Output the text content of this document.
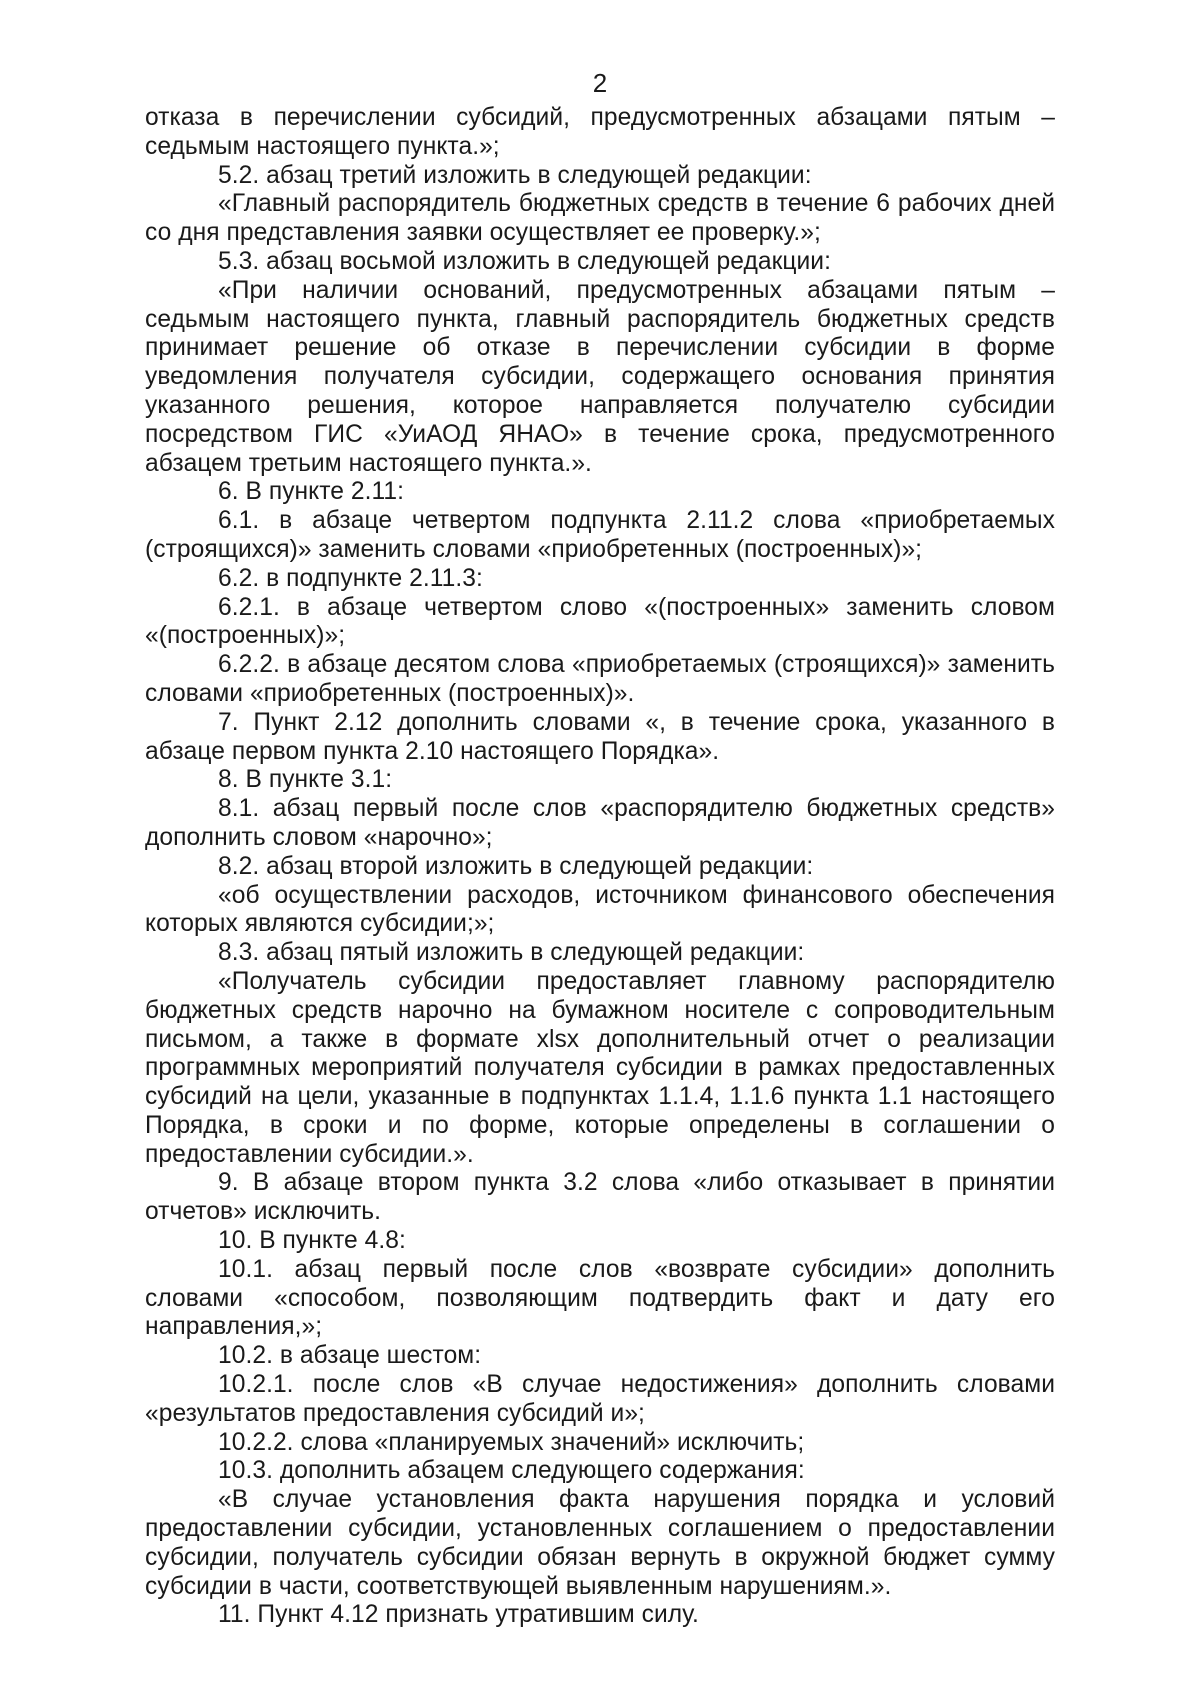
2

отказа в перечислении субсидий, предусмотренных абзацами пятым – седьмым настоящего пункта.»;

5.2. абзац третий изложить в следующей редакции:

«Главный распорядитель бюджетных средств в течение 6 рабочих дней со дня представления заявки осуществляет ее проверку.»;

5.3. абзац восьмой изложить в следующей редакции:

«При наличии оснований, предусмотренных абзацами пятым – седьмым настоящего пункта, главный распорядитель бюджетных средств принимает решение об отказе в перечислении субсидии в форме уведомления получателя субсидии, содержащего основания принятия указанного решения, которое направляется получателю субсидии посредством ГИС «УиАОД ЯНАО» в течение срока, предусмотренного абзацем третьим настоящего пункта.».

6. В пункте 2.11:

6.1. в абзаце четвертом подпункта 2.11.2 слова «приобретаемых (строящихся)» заменить словами «приобретенных (построенных)»;

6.2. в подпункте 2.11.3:

6.2.1. в абзаце четвертом слово «(построенных» заменить словом «(построенных)»;

6.2.2. в абзаце десятом слова «приобретаемых (строящихся)» заменить словами «приобретенных (построенных)».

7. Пункт 2.12 дополнить словами «, в течение срока, указанного в абзаце первом пункта 2.10 настоящего Порядка».

8. В пункте 3.1:

8.1. абзац первый после слов «распорядителю бюджетных средств» дополнить словом «нарочно»;

8.2. абзац второй изложить в следующей редакции:

«об осуществлении расходов, источником финансового обеспечения которых являются субсидии;»;

8.3. абзац пятый изложить в следующей редакции:

«Получатель субсидии предоставляет главному распорядителю бюджетных средств нарочно на бумажном носителе с сопроводительным письмом, а также в формате xlsx дополнительный отчет о реализации программных мероприятий получателя субсидии в рамках предоставленных субсидий на цели, указанные в подпунктах 1.1.4, 1.1.6 пункта 1.1 настоящего Порядка, в сроки и по форме, которые определены в соглашении о предоставлении субсидии.».

9. В абзаце втором пункта 3.2 слова «либо отказывает в принятии отчетов» исключить.

10. В пункте 4.8:

10.1. абзац первый после слов «возврате субсидии» дополнить словами «способом, позволяющим подтвердить факт и дату его направления,»;

10.2. в абзаце шестом:

10.2.1. после слов «В случае недостижения» дополнить словами «результатов предоставления субсидий и»;

10.2.2. слова «планируемых значений» исключить;

10.3. дополнить абзацем следующего содержания:

«В случае установления факта нарушения порядка и условий предоставлении субсидии, установленных соглашением о предоставлении субсидии, получатель субсидии обязан вернуть в окружной бюджет сумму субсидии в части, соответствующей выявленным нарушениям.».

11. Пункт 4.12 признать утратившим силу.
